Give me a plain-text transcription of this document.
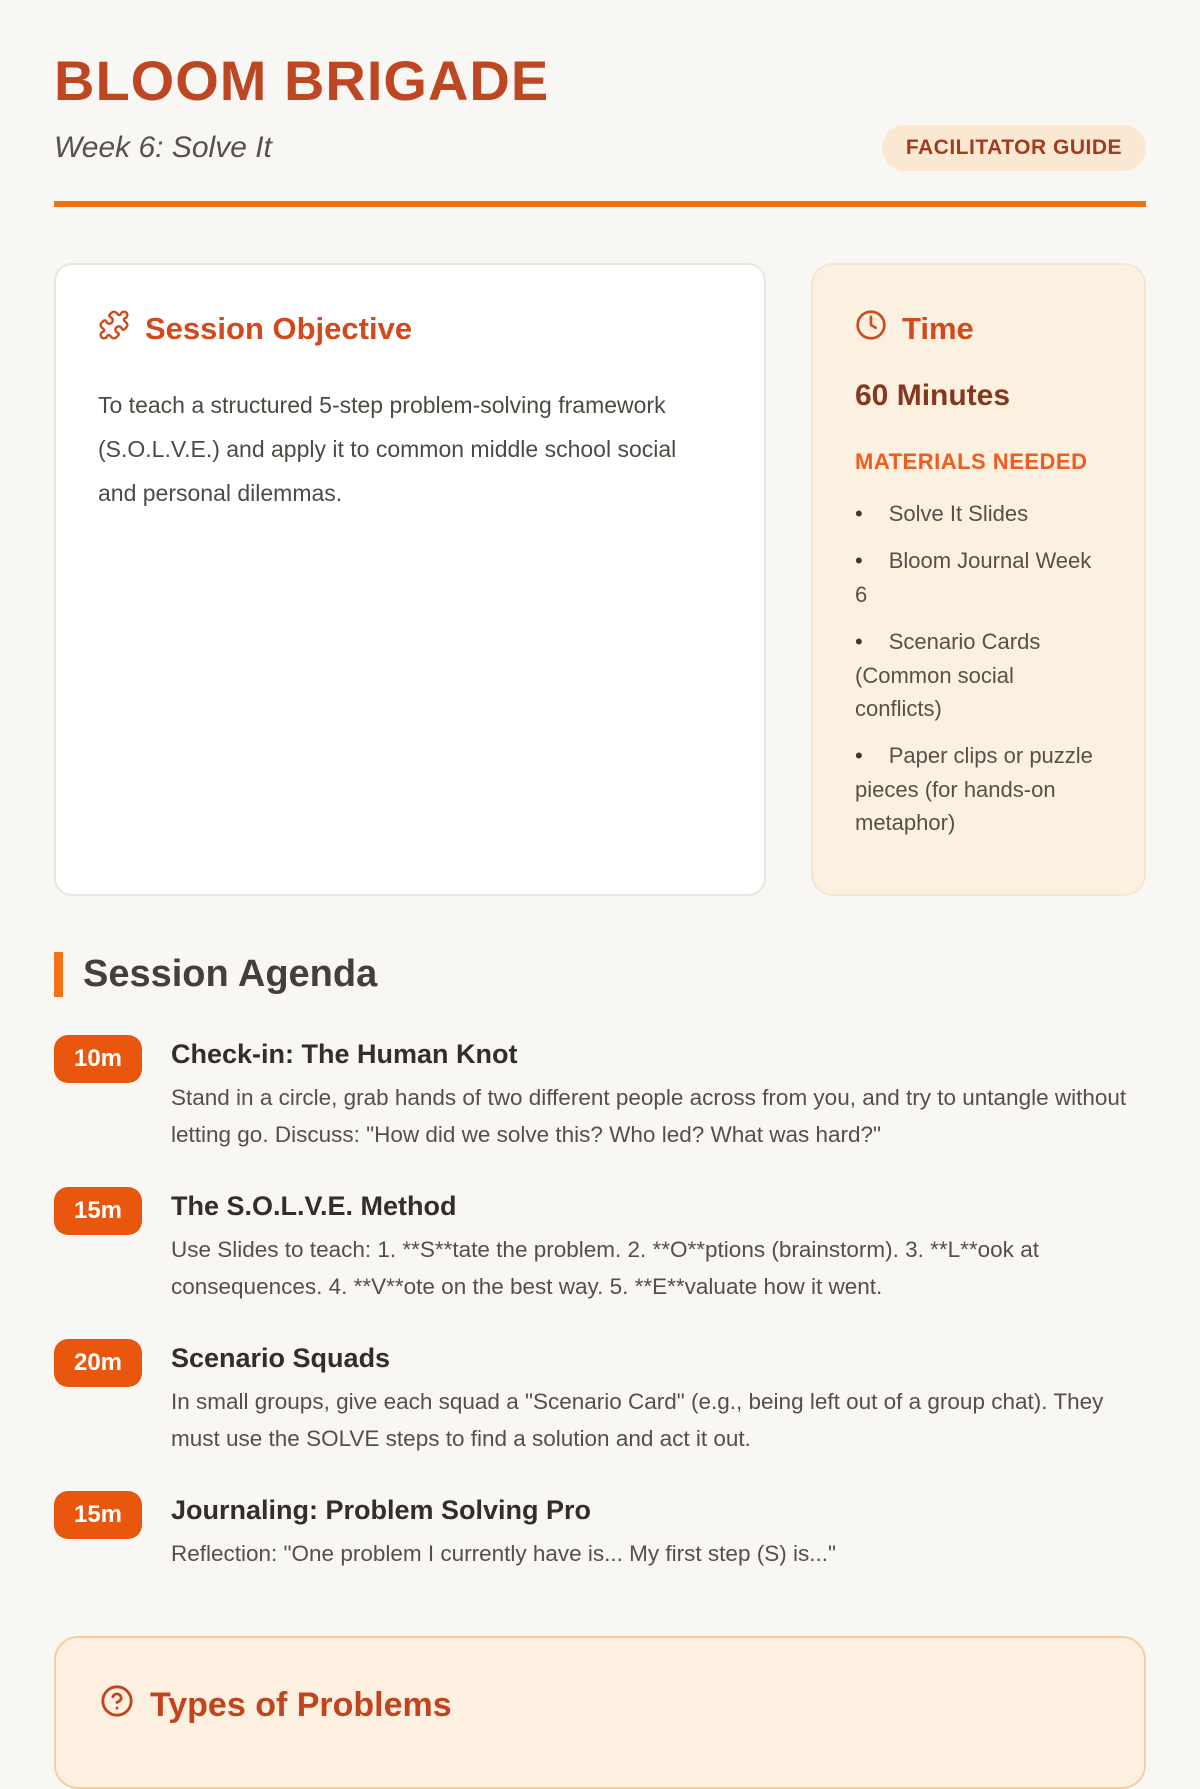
BLOOM BRIGADE
Week 6: Solve It	FACILITATOR GUIDE
Session Objective

To teach a structured 5-step problem-solving framework (S.O.L.V.E.) and apply it to common middle school social and personal dilemmas.

Time
60 Minutes
MATERIALS NEEDED
• Solve It Slides
• Bloom Journal Week 6
• Scenario Cards (Common social conflicts)
• Paper clips or puzzle pieces (for hands-on metaphor)
Session Agenda
10m	Check-in: The Human Knot
Stand in a circle, grab hands of two different people across from you, and try to untangle without letting go. Discuss: "How did we solve this? Who led? What was hard?"
15m	The S.O.L.V.E. Method
Use Slides to teach: 1. **S**tate the problem. 2. **O**ptions (brainstorm). 3. **L**ook at consequences. 4. **V**ote on the best way. 5. **E**valuate how it went.
20m	Scenario Squads
In small groups, give each squad a "Scenario Card" (e.g., being left out of a group chat). They must use the SOLVE steps to find a solution and act it out.
15m	Journaling: Problem Solving Pro
Reflection: "One problem I currently have is... My first step (S) is..."
Types of Problems
